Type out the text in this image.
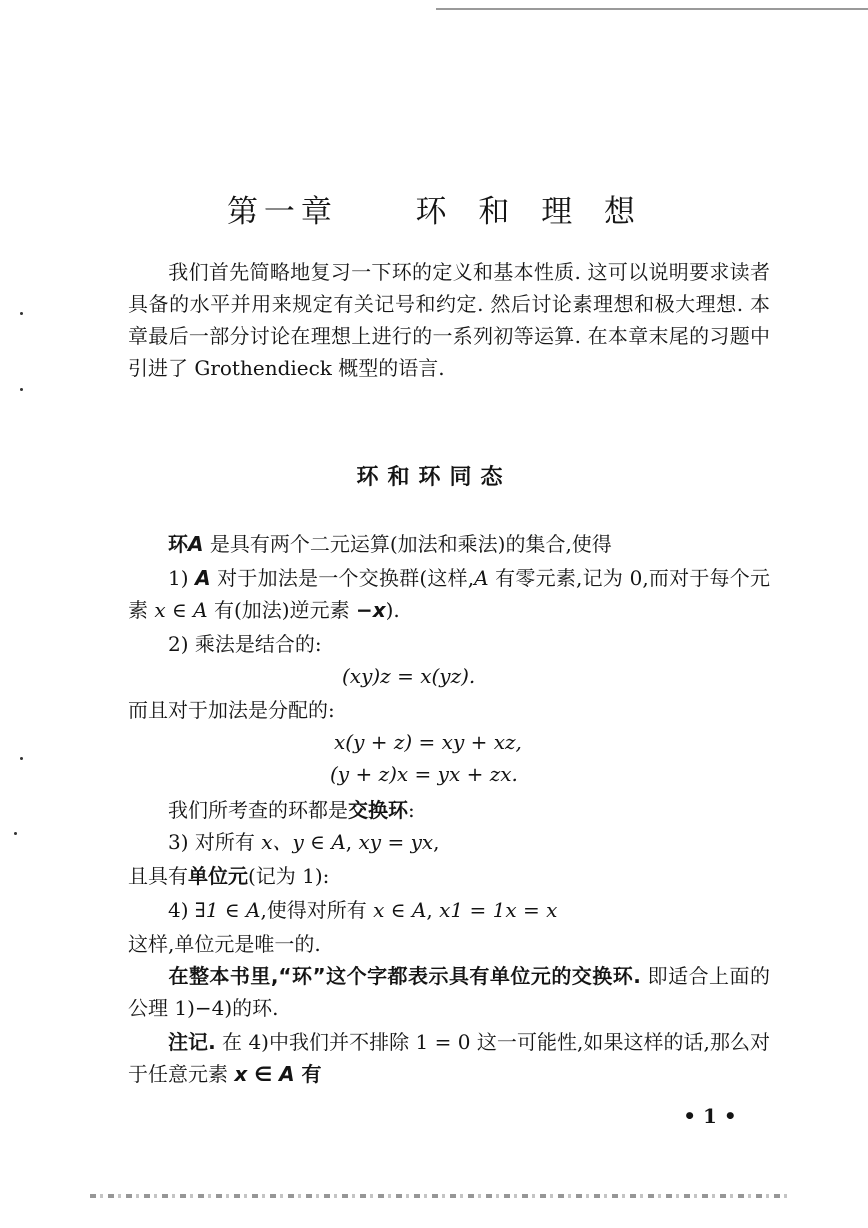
第一章   环 和 理 想

我们首先简略地复习一下环的定义和基本性质. 这可以说明要求读者具备的水平并用来规定有关记号和约定. 然后讨论素理想和极大理想. 本章最后一部分讨论在理想上进行的一系列初等运算. 在本章末尾的习题中引进了 Grothendieck 概型的语言.

环和环同态
环A 是具有两个二元运算(加法和乘法)的集合,使得
1) A 对于加法是一个交换群(这样,A 有零元素,记为 0,而对于每个元素 x ∈ A 有(加法)逆元素 −x).
2) 乘法是结合的:
(xy)z = x(yz).
而且对于加法是分配的:
x(y + z) = xy + xz,
(y + z)x = yx + zx.
我们所考查的环都是交换环:
3) 对所有 x、y ∈ A, xy = yx,
且具有单位元(记为 1):
4) ∃1 ∈ A,使得对所有 x ∈ A, x1 = 1x = x
这样,单位元是唯一的.
在整本书里,“环”这个字都表示具有单位元的交换环. 即适合上面的公理 1)−4)的环.
注记. 在 4)中我们并不排除 1 = 0 这一可能性,如果这样的话,那么对于任意元素 x ∈ A 有
• 1 •
